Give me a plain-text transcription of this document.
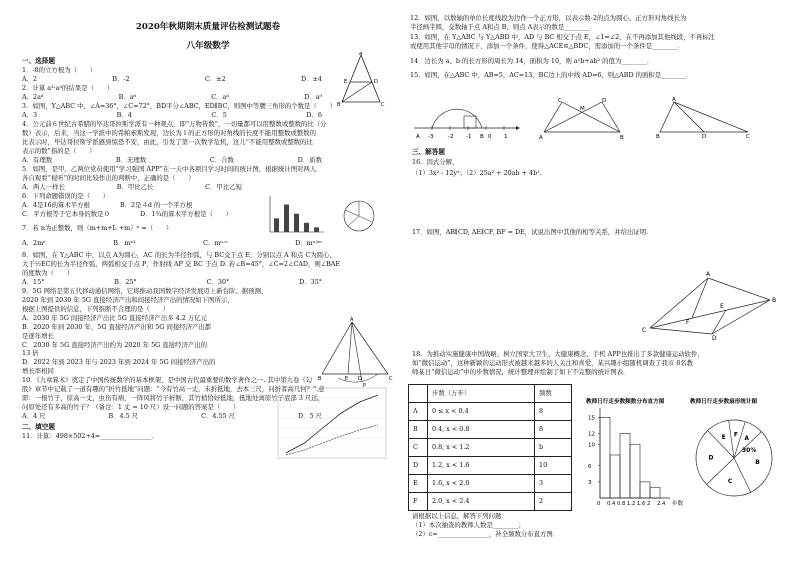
2020年秋期期末质量评估检测试题卷
八年级数学
一、选择题
1．-8的立方根为（　　）
A．2	B．-2	C．±2	D．±4
2．计算 a³·a³的结果是（　　）
A．2a⁶	B．a⁶	C．a⁶	D．a⁹
3．如图，Y△ABC 中，∠A=36°，∠C=72°，BD平分∠ABC，ED∥BC，则图中等腰三角形的个数是（　　）
A．3	B．4	C．5	D．6
4．公元前６世纪古希腊的毕达哥拉斯学派有一种观点，即“万物皆数”，一切量都可以用整数或整数的比（分
数）表示，后来，当这一学派中的希帕索斯发现，边长为１的正方形的对角线的长度不能用整数或整数的
比表示时，毕达哥拉斯学派感到惊恐不安，由此，引发了第一次数学危机，这儿“不能用整数或整数的比
表示的数”指的是（　　）
A．有理数	B．无理数	C．合数	D．质数
5．如图，是甲、乙两位党员使用“学习强国 APP”在一天中各项目学习时间的统计图，根据统计图对两人
各自观看“视听”的时间比较作出的判断中，正确的是（　　）
A．两人一样长	B．甲比乙长	C．甲比乙短
6．下列命题错误的是（　　）
A．4是16的算术平方根	B．2是４d 的一个平方根
C．平方根等于它本身的数是０	D．1¾的算术平方根是（　　）
7．若 n为正整数，则（m+m+L +m）ⁿ =（　　）
A．2mⁿ	B．mⁿ²	C．mⁿ·ⁿ	D．mⁿ²ᵐ
8．如图，在 Y△ABC 中，以点 A为圆心，AC 的长为半径作弧，与 BC交于点 E，分别以点 A 和点 C为圆心，
大于½EC的长为半径作弧，两弧相交于点 P，作射线 AP 交 BC 于点 D. 若∠B=45°，∠C=2∠CAD，则∠BAE
的度数为（　　）
A．15°	B．25°	C．30°	D．35°
9．5G 网络是第五代移动通信网络，它将推动我国数字经济发展迈上新台阶。据预测，
2020 年到 2030 年 5G 直接经济产出和间接经济产出的情况如下图所示，
根据上图提供的信息，下列推断不合理的是（　　）
A．2030 年 5G 间接经济产出比 5G 直接经济产出多 4.2 万亿元
B．2020 年到 2030 年，5G 直接经济产出和 5G 间接经济产出都
是逐年增长
C．2030 年 5G 直接经济产出约为 2020 年 5G 直接经济产出的
13 倍
D．2022 年到 2023 年与 2023 年到 2024 年 5G 间接经济产出的
增长率相同
10．《九章算术》奠定了中国传统数学的基本框架，是中国古代最重要的数学著作之一. 其中第九卷《勾
股》章节中记载了一道有趣的“折竹抵地”问题：“今有竹高一丈，末折抵地，去本三尺，问折者高几何？”.意
即：一根竹子，原高一丈，虫伤有病，一阵风将竹子折断，其竹梢恰好抵地，抵地处离原竹子底部 3 尺远，
问原处还有多高的竹子？（备注：1 丈 = 10 尺）设一问题的答案是（　　）
A．4 尺	B．4.5 尺	C．4.55 尺	D．5 尺
二、填空题
11．计算：498×502+4=________________．
A
E	D
B	C
A
B	E D	C
P
12．如图，以数轴的单位长度线段为边作一个正方形，以表示数-2的点为圆心、正方形对角线长为
半径画半圆，交数轴于点 A和点 B，则点 A表示的数是________．
13．如图，在 Y△ABC 与 Y△ABD 中，AD 与 BC 相交于点 E，∠1=∠2，在不再添加其他线段，不再标注
或使用其他字母的情况下，添加一个条件，使得△ACE≌△BDC，需添加的一个条件是________．
14．边长为 a、b 的长方形的周长为 14，面积为 10，则 a²b+ab² 的值为________．
15．如图，在△ABC 中，AB=5，AC=13，BC边上的中线 AD=6，则△ABD 的面积是________．
A -3	-2 -1 B 0 1
C
M
D
A	B
A
B	D	C
三、解答题
16．因式分解，
（1）3x² - 12y²；（2）25a² + 20ab + 4b².
17．如图，AB∥CD, AE∥CF, BF = DE，试说出图中其他的相等关系，并给出证明.
A
E
B
C
D
F
18．为推动实施健康中国战略，树立国家大卫生、大健康概念，手机 APP也推出了多款健康运动软件，
如“微信运动”，这种新颖的运动形式被越来越多的人关注和喜爱，某兴趣小组随机调查了我市 8名教
师某日“微信运动”中的步数情况，统计整理并绘制了如下不完整的统计图表．
	步数（万步）	频数
A	0 ≤ x < 0.4	8
B	0.4, x < 0.8	8
C	0.8, x < 1.2	b
D	1.2, x < 1.6	10
E	1.6, x < 2.0	3
F	2.0, x < 2.4	2
教师日行走步数频数分布直方图	教师日行走步数扇形统计图
3
6
10
12
15
0 0.4 0.8 1.2 1.6 2 2.4 步数
A
B
C
D
E F
30%
请根据以上信息，解答下列问题：
（1）本次抽查的教师人数是________；
（2）c=________________，补全频数分布直方图．
